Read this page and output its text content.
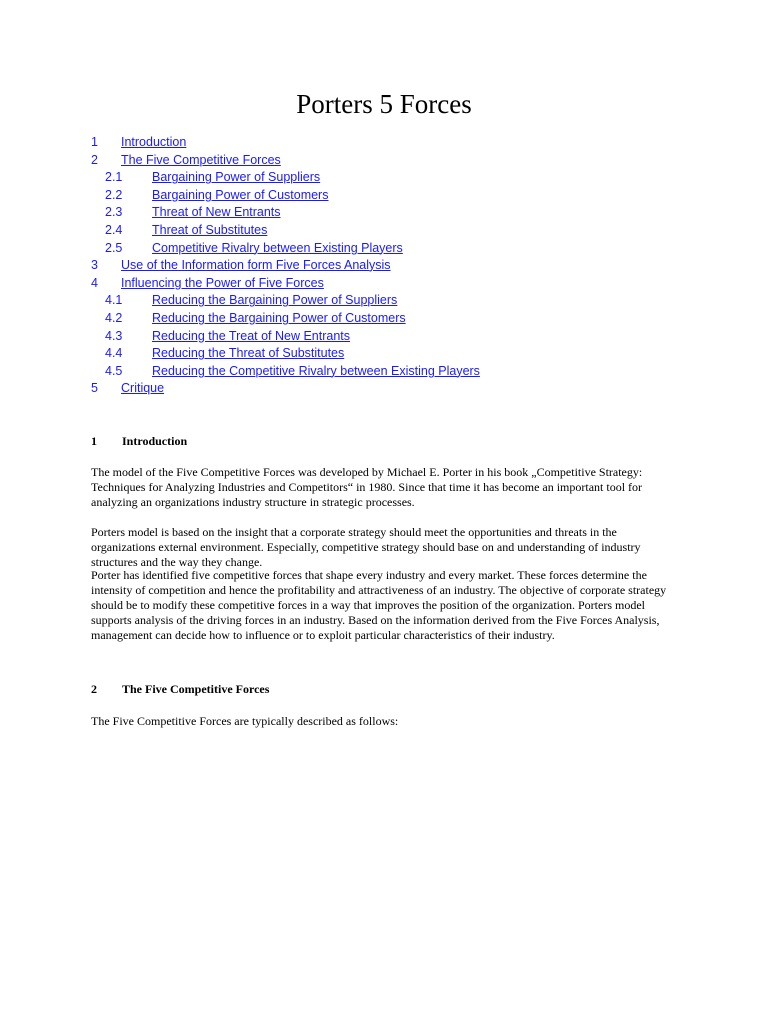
Porters 5 Forces
1 Introduction
2 The Five Competitive Forces
2.1 Bargaining Power of Suppliers
2.2 Bargaining Power of Customers
2.3 Threat of New Entrants
2.4 Threat of Substitutes
2.5 Competitive Rivalry between Existing Players
3 Use of the Information form Five Forces Analysis
4 Influencing the Power of Five Forces
4.1 Reducing the Bargaining Power of Suppliers
4.2 Reducing the Bargaining Power of Customers
4.3 Reducing the Treat of New Entrants
4.4 Reducing the Threat of Substitutes
4.5 Reducing the Competitive Rivalry between Existing Players
5 Critique
1 Introduction

The model of the Five Competitive Forces was developed by Michael E. Porter in his book „Competitive Strategy: Techniques for Analyzing Industries and Competitors“ in 1980. Since that time it has become an important tool for analyzing an organizations industry structure in strategic processes.

Porters model is based on the insight that a corporate strategy should meet the opportunities and threats in the organizations external environment. Especially, competitive strategy should base on and understanding of industry structures and the way they change.

Porter has identified five competitive forces that shape every industry and every market. These forces determine the intensity of competition and hence the profitability and attractiveness of an industry. The objective of corporate strategy should be to modify these competitive forces in a way that improves the position of the organization. Porters model supports analysis of the driving forces in an industry. Based on the information derived from the Five Forces Analysis, management can decide how to influence or to exploit particular characteristics of their industry.

2 The Five Competitive Forces

The Five Competitive Forces are typically described as follows:
